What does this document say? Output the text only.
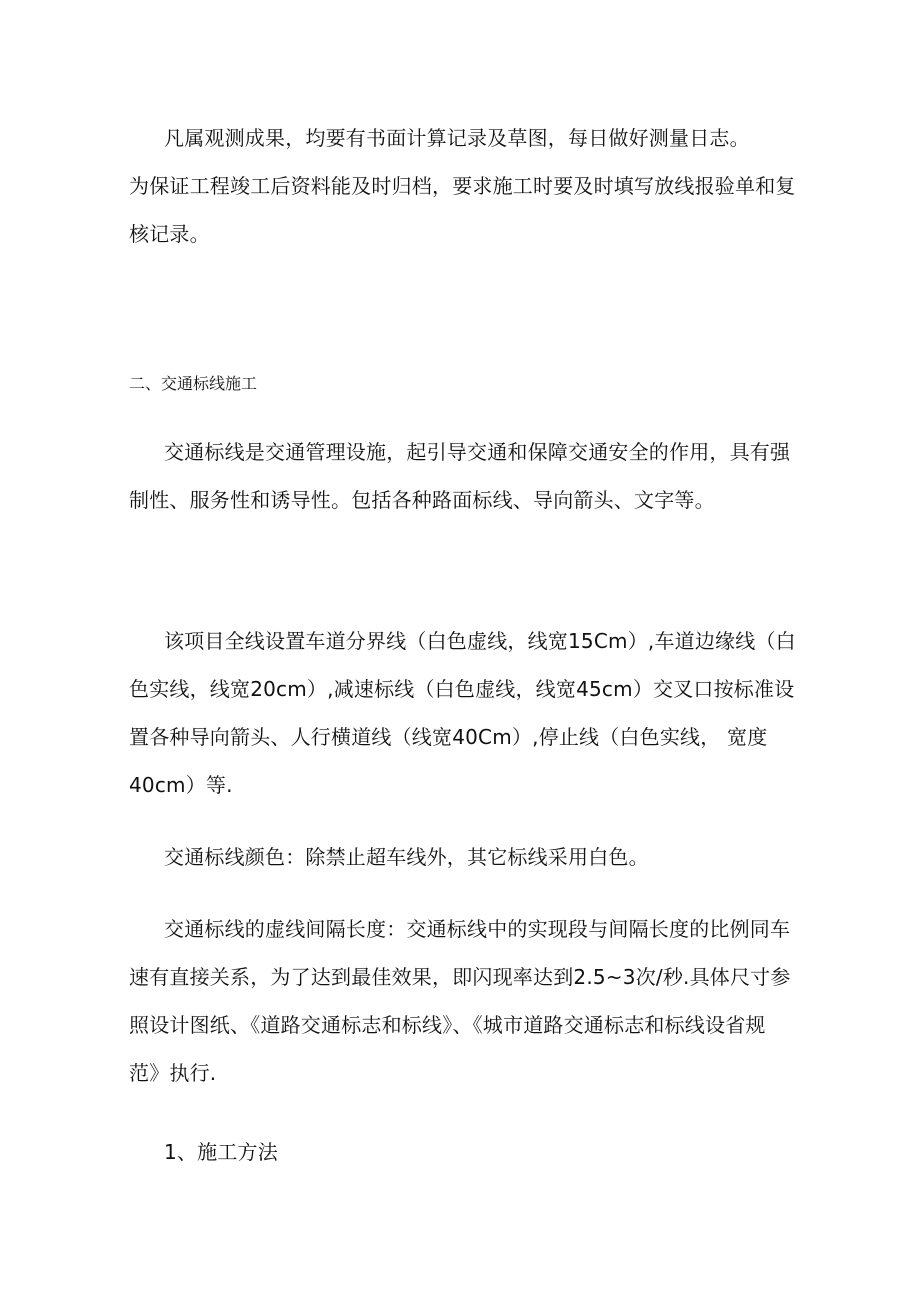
凡属观测成果，均要有书面计算记录及草图，每日做好测量日志。

为保证工程竣工后资料能及时归档，要求施工时要及时填写放线报验单和复

核记录。

二、交通标线施工

交通标线是交通管理设施，起引导交通和保障交通安全的作用，具有强

制性、服务性和诱导性。包括各种路面标线、导向箭头、文字等。

该项目全线设置车道分界线（白色虚线，线宽15Cm）,车道边缘线（白

色实线，线宽20cm）,减速标线（白色虚线，线宽45cm）交叉口按标准设

置各种导向箭头、人行横道线（线宽40Cm）,停止线（白色实线， 宽度

40cm）等.

交通标线颜色：除禁止超车线外，其它标线采用白色。

交通标线的虚线间隔长度：交通标线中的实现段与间隔长度的比例同车

速有直接关系，为了达到最佳效果，即闪现率达到2.5~3次/秒.具体尺寸参

照设计图纸、《道路交通标志和标线》、《城市道路交通标志和标线设省规

范》执行.

1、施工方法
